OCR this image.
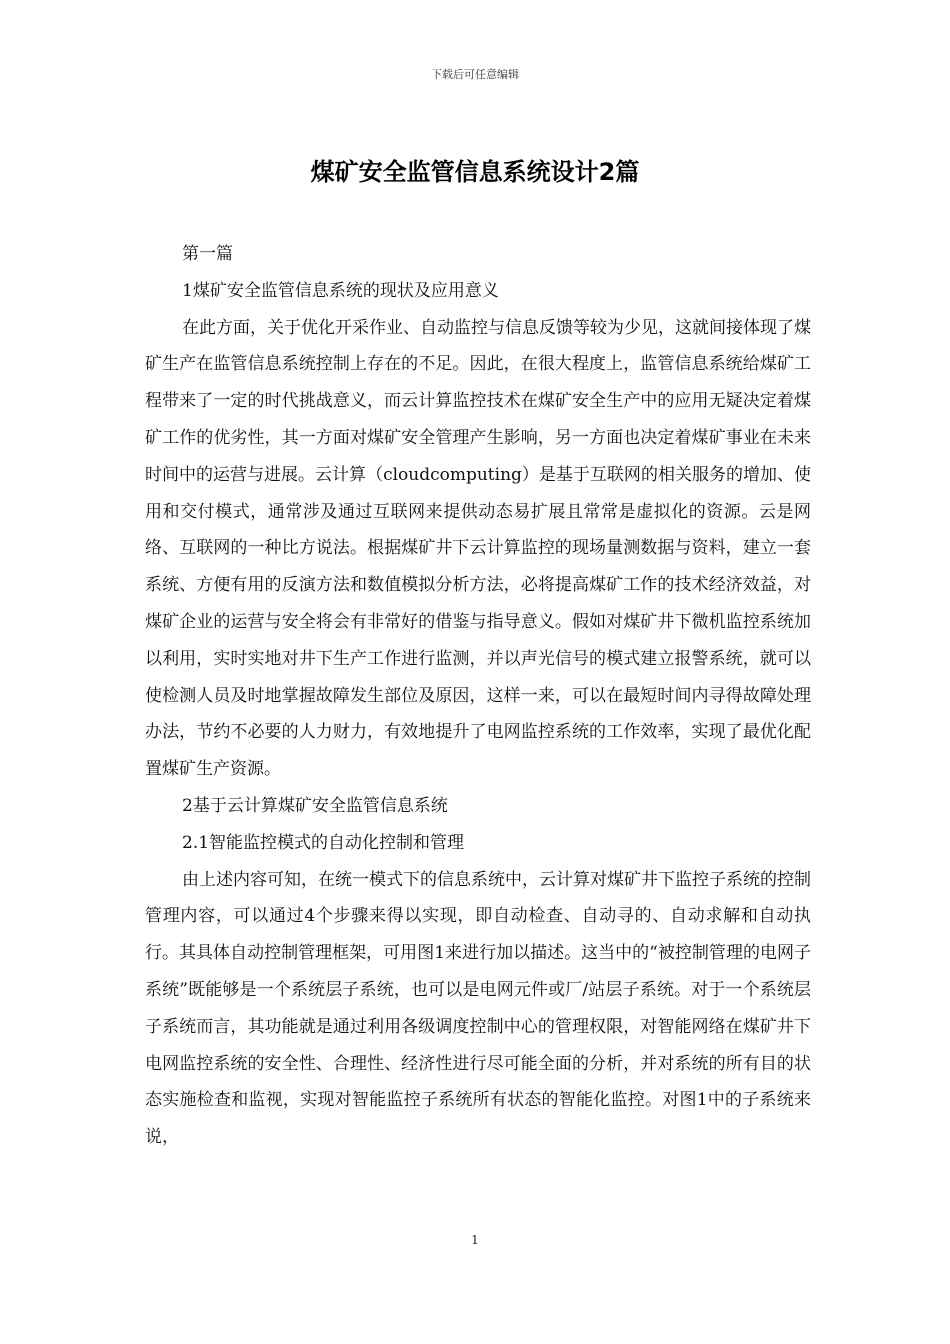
下载后可任意编辑
煤矿安全监管信息系统设计2篇

第一篇

1煤矿安全监管信息系统的现状及应用意义

在此方面，关于优化开采作业、自动监控与信息反馈等较为少见，这就间接体现了煤矿生产在监管信息系统控制上存在的不足。因此，在很大程度上，监管信息系统给煤矿工程带来了一定的时代挑战意义，而云计算监控技术在煤矿安全生产中的应用无疑决定着煤矿工作的优劣性，其一方面对煤矿安全管理产生影响，另一方面也决定着煤矿事业在未来时间中的运营与进展。云计算（cloudcomputing）是基于互联网的相关服务的增加、使用和交付模式，通常涉及通过互联网来提供动态易扩展且常常是虚拟化的资源。云是网络、互联网的一种比方说法。根据煤矿井下云计算监控的现场量测数据与资料，建立一套系统、方便有用的反演方法和数值模拟分析方法，必将提高煤矿工作的技术经济效益，对煤矿企业的运营与安全将会有非常好的借鉴与指导意义。假如对煤矿井下微机监控系统加以利用，实时实地对井下生产工作进行监测，并以声光信号的模式建立报警系统，就可以使检测人员及时地掌握故障发生部位及原因，这样一来，可以在最短时间内寻得故障处理办法，节约不必要的人力财力，有效地提升了电网监控系统的工作效率，实现了最优化配置煤矿生产资源。

2基于云计算煤矿安全监管信息系统

2.1智能监控模式的自动化控制和管理

由上述内容可知，在统一模式下的信息系统中，云计算对煤矿井下监控子系统的控制管理内容，可以通过4个步骤来得以实现，即自动检查、自动寻的、自动求解和自动执行。其具体自动控制管理框架，可用图1来进行加以描述。这当中的“被控制管理的电网子系统”既能够是一个系统层子系统，也可以是电网元件或厂/站层子系统。对于一个系统层子系统而言，其功能就是通过利用各级调度控制中心的管理权限，对智能网络在煤矿井下电网监控系统的安全性、合理性、经济性进行尽可能全面的分析，并对系统的所有目的状态实施检查和监视，实现对智能监控子系统所有状态的智能化监控。对图1中的子系统来说，

1
